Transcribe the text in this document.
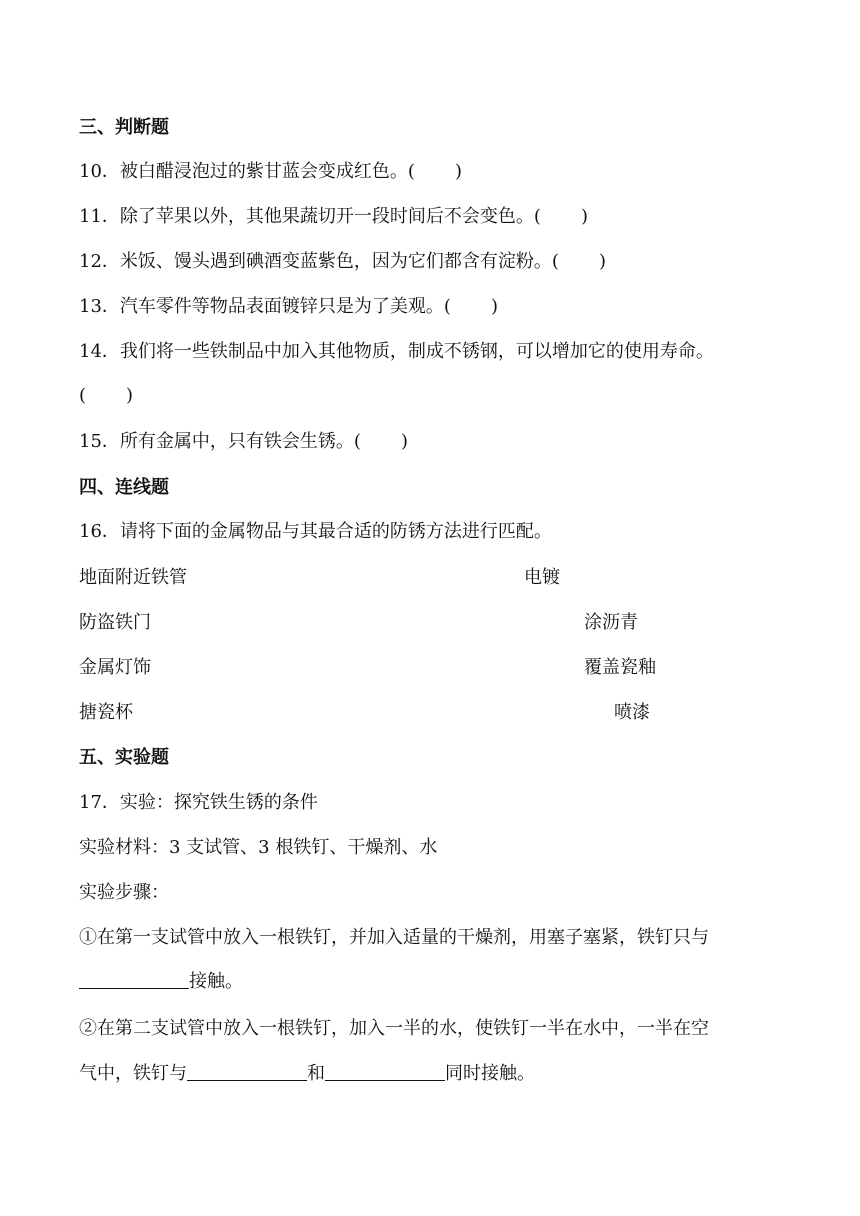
三、判断题
10．被白醋浸泡过的紫甘蓝会变成红色。( )
11．除了苹果以外，其他果蔬切开一段时间后不会变色。( )
12．米饭、馒头遇到碘酒变蓝紫色，因为它们都含有淀粉。( )
13．汽车零件等物品表面镀锌只是为了美观。( )
14．我们将一些铁制品中加入其他物质，制成不锈钢，可以增加它的使用寿命。
( )
15．所有金属中，只有铁会生锈。( )
四、连线题
16．请将下面的金属物品与其最合适的防锈方法进行匹配。
地面附近铁管	电镀
防盗铁门	涂沥青
金属灯饰	覆盖瓷釉
搪瓷杯	喷漆
五、实验题
17．实验：探究铁生锈的条件
实验材料：3 支试管、3 根铁钉、干燥剂、水
实验步骤：
①在第一支试管中放入一根铁钉，并加入适量的干燥剂，用塞子塞紧，铁钉只与
接触。
②在第二支试管中放入一根铁钉，加入一半的水，使铁钉一半在水中，一半在空
气中，铁钉与	和	同时接触。
